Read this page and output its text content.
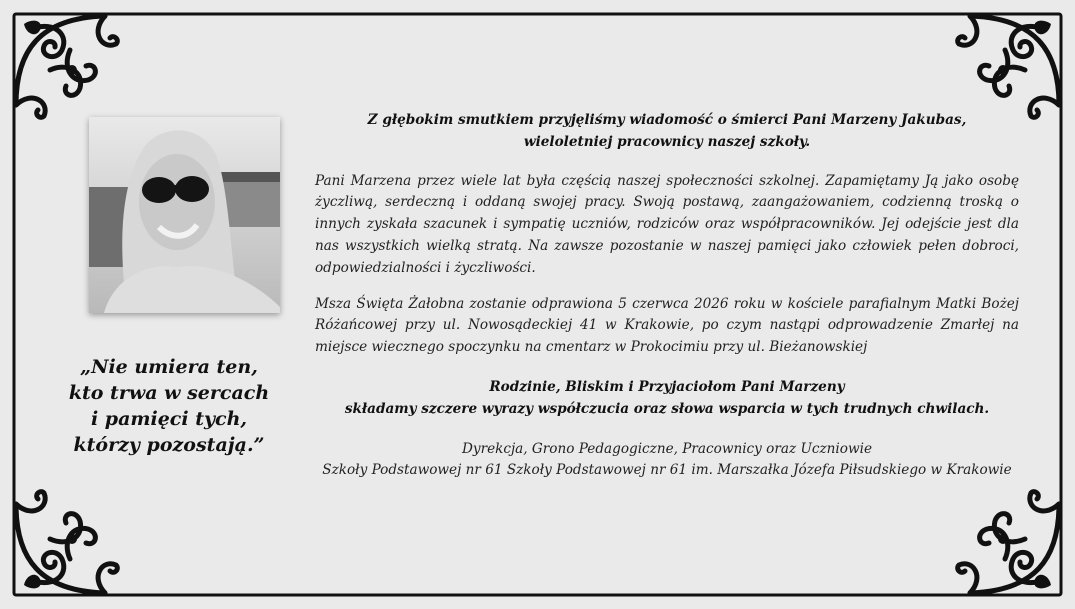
„Nie umiera ten,
kto trwa w sercach
i pamięci tych,
którzy pozostają.”
Z głębokim smutkiem przyjęliśmy wiadomość o śmierci Pani Marzeny Jakubas,
wieloletniej pracownicy naszej szkoły.

Pani Marzena przez wiele lat była częścią naszej społeczności szkolnej. Zapamiętamy Ją jako osobę życzliwą, serdeczną i oddaną swojej pracy. Swoją postawą, zaangażowaniem, codzienną troską o innych zyskała szacunek i sympatię uczniów, rodziców oraz współpracowników. Jej odejście jest dla nas wszystkich wielką stratą. Na zawsze pozostanie w naszej pamięci jako człowiek pełen dobroci, odpowiedzialności i życzliwości.

Msza Święta Żałobna zostanie odprawiona 5 czerwca 2026 roku w kościele parafialnym Matki Bożej Różańcowej przy ul. Nowosądeckiej 41 w Krakowie, po czym nastąpi odprowadzenie Zmarłej na miejsce wiecznego spoczynku na cmentarz w Prokocimiu przy ul. Bieżanowskiej

Rodzinie, Bliskim i Przyjaciołom Pani Marzeny
składamy szczere wyrazy współczucia oraz słowa wsparcia w tych trudnych chwilach.
Dyrekcja, Grono Pedagogiczne, Pracownicy oraz Uczniowie
Szkoły Podstawowej nr 61 Szkoły Podstawowej nr 61 im. Marszałka Józefa Piłsudskiego w Krakowie
